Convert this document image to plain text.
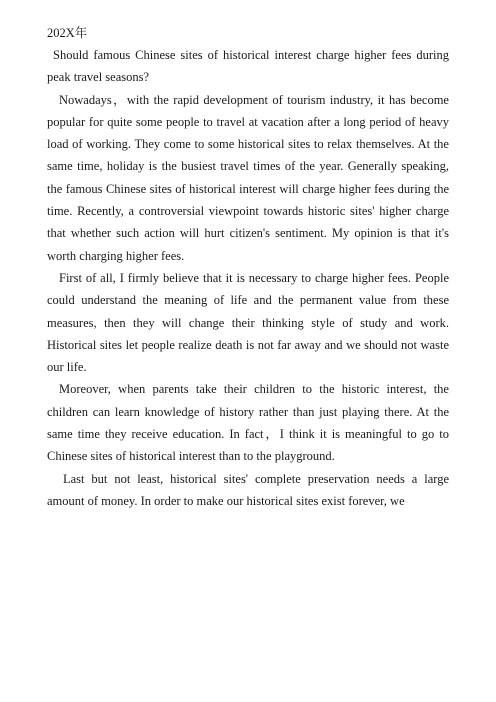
202X年

Should famous Chinese sites of historical interest charge higher fees during peak travel seasons?

Nowadays，with the rapid development of tourism industry, it has become popular for quite some people to travel at vacation after a long period of heavy load of working. They come to some historical sites to relax themselves. At the same time, holiday is the busiest travel times of the year. Generally speaking, the famous Chinese sites of historical interest will charge higher fees during the time. Recently, a controversial viewpoint towards historic sites' higher charge that whether such action will hurt citizen's sentiment. My opinion is that it's worth charging higher fees.

First of all, I firmly believe that it is necessary to charge higher fees. People could understand the meaning of life and the permanent value from these measures, then they will change their thinking style of study and work. Historical sites let people realize death is not far away and we should not waste our life.

Moreover, when parents take their children to the historic interest, the children can learn knowledge of history rather than just playing there. At the same time they receive education. In fact，I think it is meaningful to go to Chinese sites of historical interest than to the playground.

Last but not least, historical sites' complete preservation needs a large amount of money. In order to make our historical sites exist forever, we
